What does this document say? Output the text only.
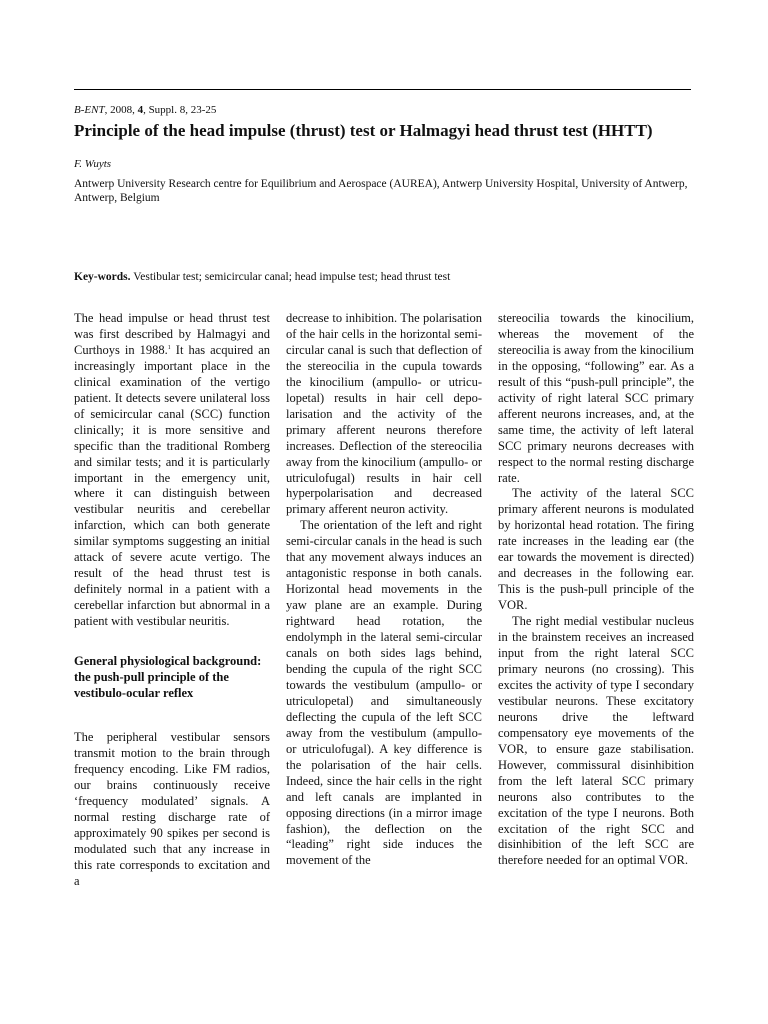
B-ENT, 2008, 4, Suppl. 8, 23-25
Principle of the head impulse (thrust) test or Halmagyi head thrust test (HHTT)
F. Wuyts
Antwerp University Research centre for Equilibrium and Aerospace (AUREA), Antwerp University Hospital, University of Antwerp, Antwerp, Belgium
Key-words. Vestibular test; semicircular canal; head impulse test; head thrust test

The head impulse or head thrust test was first described by Halmagyi and Curthoys in 1988.$^1$ It has acquired an increasingly important place in the clinical examination of the vertigo patient. It detects severe unilateral loss of semicircular canal (SCC) function clinically; it is more sensitive and specific than the traditional Romberg and similar tests; and it is particularly important in the emergency unit, where it can distinguish between vestibular neuritis and cerebellar infarction, which can both generate similar symptoms suggesting an initial attack of severe acute vertigo. The result of the head thrust test is definitely normal in a patient with a cerebellar infarction but abnormal in a patient with vestibular neuritis.

General physiological background: the push-pull principle of the vestibulo-ocular reflex

The peripheral vestibular sensors transmit motion to the brain through frequency encoding. Like FM radios, our brains continuously receive ‘frequency modulated’ signals. A normal resting discharge rate of approximately 90 spikes per second is modulated such that any increase in this rate corresponds to excitation and a

decrease to inhibition. The polarisation of the hair cells in the horizontal semi-circular canal is such that deflection of the stereocilia in the cupula towards the kinocilium (ampullo- or utriculopetal) results in hair cell depolarisation and the activity of the primary afferent neurons therefore increases. Deflection of the stereocilia away from the kinocilium (ampullo- or utriculofugal) results in hair cell hyperpolarisation and decreased primary afferent neuron activity.

The orientation of the left and right semi-circular canals in the head is such that any movement always induces an antagonistic response in both canals. Horizontal head movements in the yaw plane are an example. During rightward head rotation, the endolymph in the lateral semi-circular canals on both sides lags behind, bending the cupula of the right SCC towards the vestibulum (ampullo- or utriculopetal) and simultaneously deflecting the cupula of the left SCC away from the vestibulum (ampullo- or utriculofugal). A key difference is the polarisation of the hair cells. Indeed, since the hair cells in the right and left canals are implanted in opposing directions (in a mirror image fashion), the deflection on the “leading” right side induces the movement of the

stereocilia towards the kinocilium, whereas the movement of the stereocilia is away from the kinocilium in the opposing, “following” ear. As a result of this “push-pull principle”, the activity of right lateral SCC primary afferent neurons increases, and, at the same time, the activity of left lateral SCC primary neurons decreases with respect to the normal resting discharge rate.

The activity of the lateral SCC primary afferent neurons is modulated by horizontal head rotation. The firing rate increases in the leading ear (the ear towards the movement is directed) and decreases in the following ear. This is the push-pull principle of the VOR.

The right medial vestibular nucleus in the brainstem receives an increased input from the right lateral SCC primary neurons (no crossing). This excites the activity of type I secondary vestibular neurons. These excitatory neurons drive the leftward compensatory eye movements of the VOR, to ensure gaze stabilisation. However, commissural disinhibition from the left lateral SCC primary neurons also contributes to the excitation of the type I neurons. Both excitation of the right SCC and disinhibition of the left SCC are therefore needed for an optimal VOR.
